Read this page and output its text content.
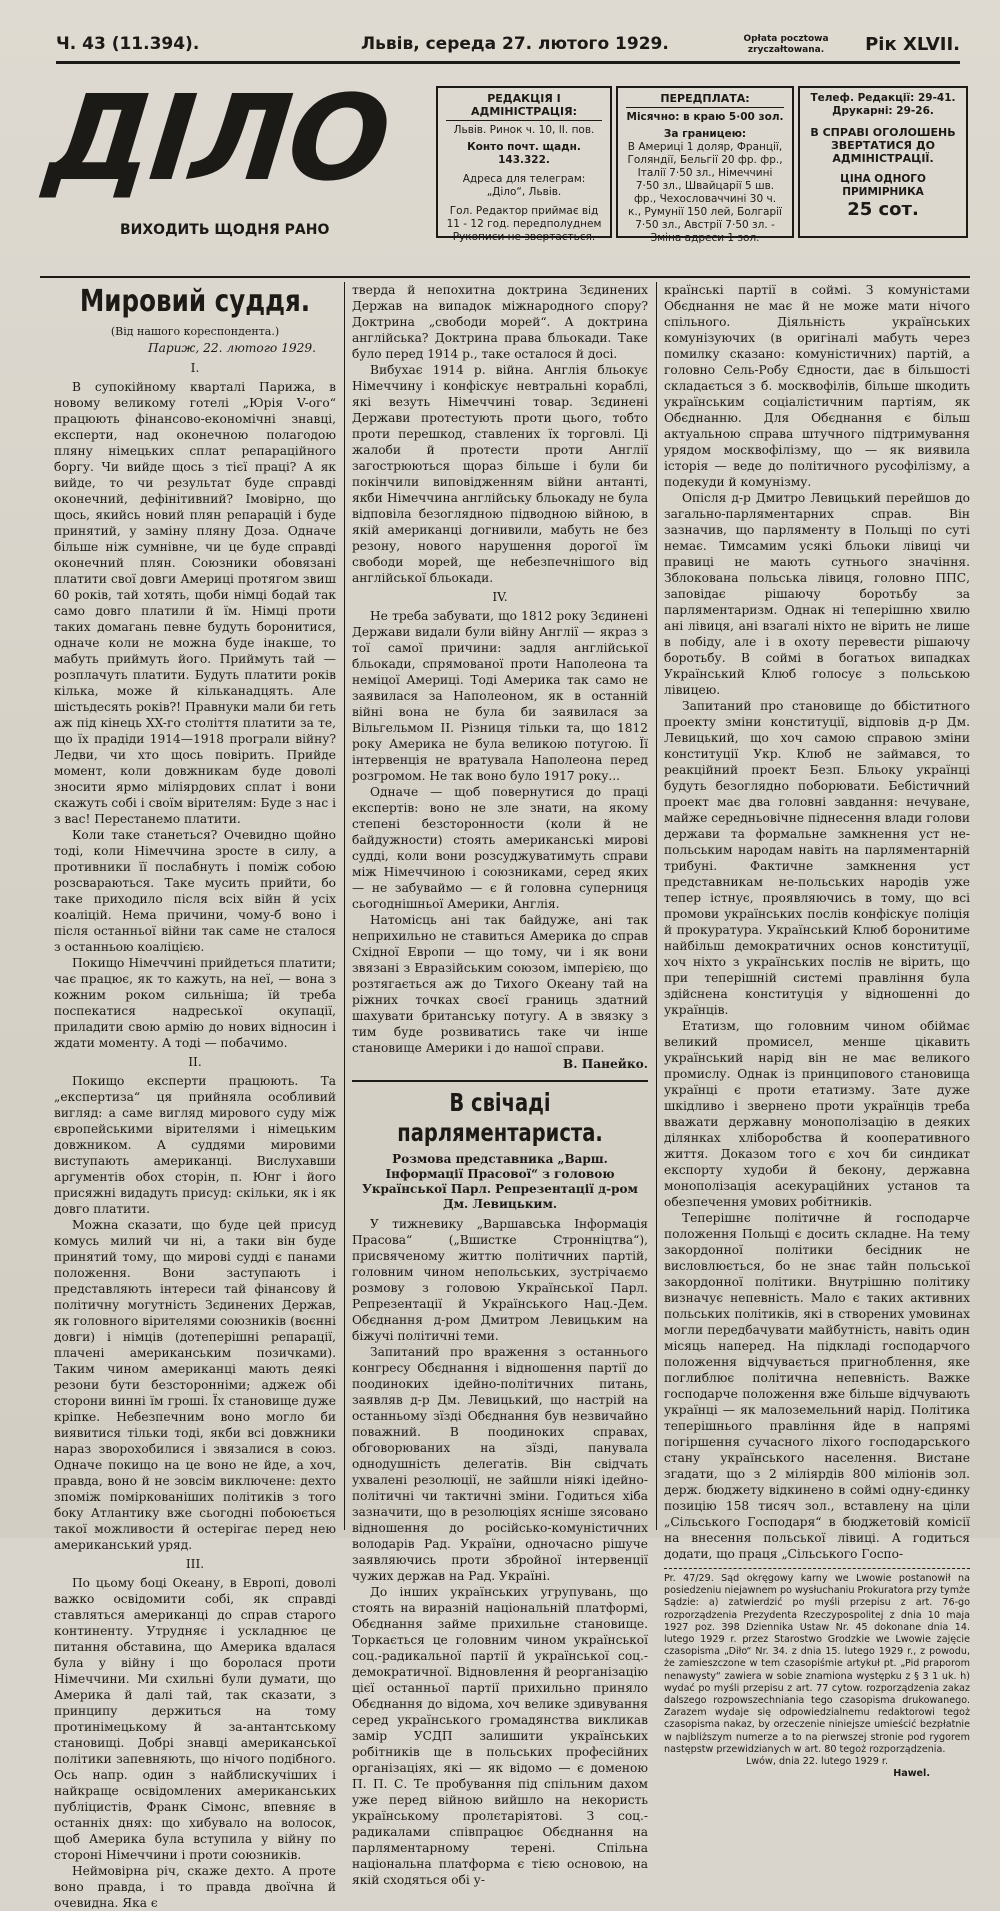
Ч. 43 (11.394).	Львів, середа 27. лютого 1929.	Opłata pocztowa zryczałtowana.	Рік XLVII.
ДІЛО
ВИХОДИТЬ ЩОДНЯ РАНО
РЕДАКЦІЯ І АДМІНІСТРАЦІЯ:
Львів. Ринок ч. 10, II. пов.
Конто почт. щадн. 143.322.
Адреса для телеграм: „Діло“, Львів.
Гол. Редактор приймає від 11 - 12 год. передполуднем
Рукописи не звертається.
ПЕРЕДПЛАТА:
Місячно: в краю 5·00 зол.
За границею:
В Америці 1 доляр, Франції, Голяндії, Бельгії 20 фр. фр., Італії 7·50 зл., Німеччині 7·50 зл., Швайцарії 5 шв. фр., Чехословаччині 30 ч. к., Румунії 150 лей, Болгарії 7·50 зл., Австрії 7·50 зл. - Зміна адреси 1 зол.
Телеф. Редакції: 29-41.
Друкарні: 29-26.
В СПРАВІ ОГОЛОШЕНЬ ЗВЕРТАТИСЯ ДО АДМІНІСТРАЦІЇ.
ЦІНА ОДНОГО ПРИМІРНИКА
25 сот.
Мировий суддя.
(Від нашого кореспондента.)
Париж, 22. лютого 1929.
I.

В супокійному кварталі Парижа, в новому великому готелі „Юрія V-ого“ працюють фінансово-економічні знавці, експерти, над оконечною полагодою пляну німецьких сплат репараційного боргу. Чи вийде щось з тієї праці? А як вийде, то чи результат буде справді оконечний, дефінітивний? Імовірно, що щось, якийсь новий плян репарацій і буде принятий, у заміну пляну Доза. Одначе більше ніж сумнівне, чи це буде справді оконечний плян. Союзники обовязані платити свої довги Америці протягом звиш 60 років, тай хотять, щоби німці бодай так само довго платили й їм. Німці проти таких домагань певне будуть боронитися, одначе коли не можна буде інакше, то мабуть приймуть його. Приймуть тай — розплачуть платити. Будуть платити років кілька, може й кільканадцять. Але шістьдесять років?! Правнуки мали би геть аж під кінець XX-го століття платити за те, що їх прадіди 1914—1918 програли війну? Ледви, чи хто щось повірить. Прийде момент, коли довжникам буде доволі зносити ярмо міліярдових сплат і вони скажуть собі і своїм вірителям: Буде з нас і з вас! Перестанемо платити.

Коли таке станеться? Очевидно щойно тоді, коли Німеччина зросте в силу, а противники її послабнуть і поміж собою розсвараються. Таке мусить прийти, бо таке приходило після всіх війн й усіх коаліцій. Нема причини, чому-б воно і після останньої війни так саме не сталося з останньою коаліцією.

Покищо Німеччині прийдеться платити; чає працює, як то кажуть, на неї, — вона з кожним роком сильніша; їй треба поспекатися надреської окупації, приладити свою армію до нових відносин і ждати моменту. А тоді — побачимо.

II.

Покищо експерти працюють. Та „експертиза“ ця прийняла особливий вигляд: а саме вигляд мирового суду між європейськими вірителями і німецьким довжником. А суддями мировими виступають американці. Вислухавши аргументів обох сторін, п. Юнг і його присяжні видадуть присуд: скільки, як і як довго платити.

Можна сказати, що буде цей присуд комусь милий чи ні, а таки він буде принятий тому, що мирові судді є панами положення. Вони заступають і представляють інтереси тай фінансову й політичну могутність Зєдинених Держав, як головного вірителями союзників (воєнні довги) і німців (дотеперішні репарації, плачені американським позичками). Таким чином американці мають деякі резони бути безсторонніми; аджеж обі сторони винні їм гроші. Їх становище дуже кріпке. Небезпечним воно могло би виявитися тільки тоді, якби всі довжники нараз зворохобилися і звязалися в союз. Одначе покищо на це воно не йде, а хоч, правда, воно й не зовсім виключене: дехто зпоміж поміркованіших політиків з того боку Атлантику вже сьогодні побоюється такої можливости й остерігає перед нею американський уряд.

III.

По цьому боці Океану, в Европі, доволі важко освідомити собі, як справді ставляться американці до справ старого континенту. Утрудняє і ускладнює це питання обставина, що Америка вдалася була у війну і що боролася проти Німеччини. Ми схильні були думати, що Америка й далі тай, так сказати, з принципу держиться на тому протинімецькому й за-антантському становищі. Добрі знавці американської політики запевняють, що нічого подібного. Ось напр. один з найблискучіших і найкраще освідомлених американських публіцистів, Франк Сімонс, впевняє в останніх днях: що хибувало на волосок, щоб Америка була вступила у війну по стороні Німеччини і проти союзників.

Неймовірна річ, скаже дехто. А проте воно правда, і то правда двоїчна й очевидна. Яка є

тверда й непохитна доктрина Зєдинених Держав на випадок міжнародного спору? Доктрина „свободи морей“. А доктрина англійська? Доктрина права бльокади. Таке було перед 1914 р., таке осталося й досі.

Вибухає 1914 р. війна. Англія бльокує Німеччину і конфіскує невтральні кораблі, які везуть Німеччині товар. Зєдинені Держави протестують проти цього, тобто проти перешкод, ставлених їх торговлі. Ці жалоби й протести проти Англії загострюються щораз більше і були би покінчили виповідженням війни антанті, якби Німеччина англійську бльокаду не була відповіла безоглядною підводною війною, в якій американці догнивили, мабуть не без резону, нового нарушення дорогої їм свободи морей, ще небезпечнішого від англійської бльокади.

IV.

Не треба забувати, що 1812 року Зєдинені Держави видали були війну Англії — якраз з тої самої причини: задля англійської бльокади, спрямованої проти Наполеона та неміцої Америці. Тоді Америка так само не заявилася за Наполеоном, як в останній війні вона не була би заявилася за Вільгельмом II. Різниця тільки та, що 1812 року Америка не була великою потугою. Її інтервенція не вратувала Наполеона перед розгромом. Не так воно було 1917 року...

Одначе — щоб повернутися до праці експертів: воно не зле знати, на якому степені безсторонности (коли й не байдужности) стоять американські мирові судді, коли вони розсуджуватимуть справи між Німеччиною і союзниками, серед яких — не забуваймо — є й головна суперниця сьогоднішньої Америки, Англія.

Натомісць ані так байдуже, ані так неприхильно не ставиться Америка до справ Східної Европи — що тому, чи і як вони звязані з Евразійським союзом, імперією, що розтягається аж до Тихого Океану тай на ріжних точках своєї границь здатний шахувати британську потугу. А в звязку з тим буде розвиватись таке чи інше становище Америки і до нашої справи.

В. Панейко.
В свічаді парляментариста.
Розмова представника „Варш. Інформації Прасової“ з головою Української Парл. Репрезентації д-ром Дм. Левицьким.

У тижневику „Варшавська Інформація Прасова“ („Вшистке Стронніцтва“), присвяченому життю політичних партій, головним чином непольських, зустрічаємо розмову з головою Української Парл. Репрезентації й Українського Нац.-Дем. Обєднання д-ром Дмитром Левицьким на біжучі політичні теми.

Запитаний про враження з останнього конгресу Обєднання і відношення партії до поодиноких ідейно-політичних питань, заявляв д-р Дм. Левицький, що настрій на останньому зїзді Обєднання був незвичайно поважний. В поодиноких справах, обговорюваних на зїзді, панувала однодушність делегатів. Він свідчать ухвалені резолюції, не зайшли ніякі ідейно-політичні чи тактичні зміни. Годиться хіба зазначити, що в резолюціях ясніше зясовано відношення до російсько-комуністичних володарів Рад. України, одночасно рішуче заявляючись проти збройної інтервенції чужих держав на Рад. Україні.

До інших українських угрупувань, що стоять на виразній національній платформі, Обєднання займе прихильне становище. Торкається це головним чином української соц.-радикальної партії й української соц.-демократичної. Відновлення й реорганізацію цієї останньої партії прихильно приняло Обєднання до відома, хоч велике здивування серед українського громадянства викликав замір УСДП залишити українських робітників ще в польських професійних організаціях, які — як відомо — є доменою П. П. С. Те пробування під спільним дахом уже перед війною вийшло на некористь українському пролєтаріятові. З соц.-радикалами співпрацює Обєднання на парляментарному терені. Спільна національна платформа є тією основою, на якій сходяться обі у-

країнські партії в соймі. З комуністами Обєднання не має й не може мати нічого спільного. Діяльність українських комунізуючих (в оригіналі мабуть через помилку сказано: комуністичних) партій, а головно Сель-Робу Єдности, дає в більшості складається з б. москвофілів, більше шкодить українським соціалістичним партіям, як Обєднанню. Для Обєднання є більш актуальною справа штучного підтримування урядом москвофілізму, що — як виявила історія — веде до політичного русофілізму, а подекуди й комунізму.

Опісля д-р Дмитро Левицький перейшов до загально-парляментарних справ. Він зазначив, що парляменту в Польщі по суті немає. Тимсамим усякі бльоки лівиці чи правиці не мають сутнього значіння. Зблокована польська лівиця, головно ППС, заповідає рішаючу боротьбу за парляментаризм. Однак ні теперішню хвилю ані лівиця, ані взагалі ніхто не вірить не лише в побіду, але і в охоту перевести рішаючу боротьбу. В соймі в богатьох випадках Український Клюб голосує з польською лівицею.

Запитаний про становище до ббіститного проекту зміни конституції, відповів д-р Дм. Левицький, що хоч самою справою зміни конституції Укр. Клюб не займався, то реакційний проект Безп. Бльоку українці будуть безоглядно поборювати. Бебістичний проект має два головні завдання: нечуване, майже середньовічне піднесення влади голови держави та формальне замкнення уст не-польським народам навіть на парляментарній трибуні. Фактичне замкнення уст представникам не-польських народів уже тепер істнує, проявляючись в тому, що всі промови українських послів конфіскує поліція й прокуратура. Український Клюб боронитиме найбільш демократичних основ конституції, хоч ніхто з українських послів не вірить, що при теперішній системі правління була здійснена конституція у відношенні до українців.

Етатизм, що головним чином обіймає великий промисел, менше цікавить український нарід він не має великого промислу. Однак із принципового становища українці є проти етатизму. Зате дуже шкідливо і звернено проти українців треба вважати державну монополізацію в деяких ділянках хліборобства й кооперативного життя. Доказом того є хоч би синдикат експорту худоби й бекону, державна монополізація асекураційних установ та обезпечення умових робітників.

Теперішнє політичне й господарче положення Польщі є досить складне. На тему закордонної політики бесідник не висловлюється, бо не знає тайн польської закордонної політики. Внутрішню політику визначує непевність. Мало є таких активних польських політиків, які в створених умовинах могли передбачувати майбутність, навіть один місяць наперед. На підкладі господарчого положення відчувається пригноблення, яке поглиблює політична непевність. Важке господарче положення вже більше відчувають українці — як малоземельний нарід. Політика теперішнього правління йде в напрямі погіршення сучасного ліхого господарського стану українського населення. Вистане згадати, що з 2 міліярдів 800 міліонів зол. держ. бюджету відкинено в соймі одну-єдинку позицію 158 тисяч зол., вставлену на ціли „Сільського Господаря“ в бюджетовій комісії на внесення польської лівиці. А годиться додати, що праця „Сільського Госпо-

Pr. 47/29. Sąd okręgowy karny we Lwowie postanowił na posiedzeniu niejawnem po wysłuchaniu Prokuratora przy tymże Sądzie: a) zatwierdzić po myśli przepisu z art. 76-go rozporządzenia Prezydenta Rzeczypospolitej z dnia 10 maja 1927 poz. 398 Dziennika Ustaw Nr. 45 dokonane dnia 14. lutego 1929 r. przez Starostwo Grodzkie we Lwowie zajęcie czasopisma „Diło“ Nr. 34. z dnia 15. lutego 1929 r., z powodu, że zamieszczone w tem czasopiśmie artykuł pt. „Pid praporom nenawysty“ zawiera w sobie znamiona występku z § 3 1 uk. h) wydać po myśli przepisu z art. 77 cytow. rozporządzenia zakaz dalszego rozpowszechniania tego czasopisma drukowanego. Zarazem wydaje się odpowiedzialnemu redaktorowi tegoż czasopisma nakaz, by orzeczenie niniejsze umieścić bezpłatnie w najbliższym numerze a to na pierwszej stronie pod rygorem następstw przewidzianych w art. 80 tegoż rozporządzenia.
Lwów, dnia 22. lutego 1929 r.
Hawel.
